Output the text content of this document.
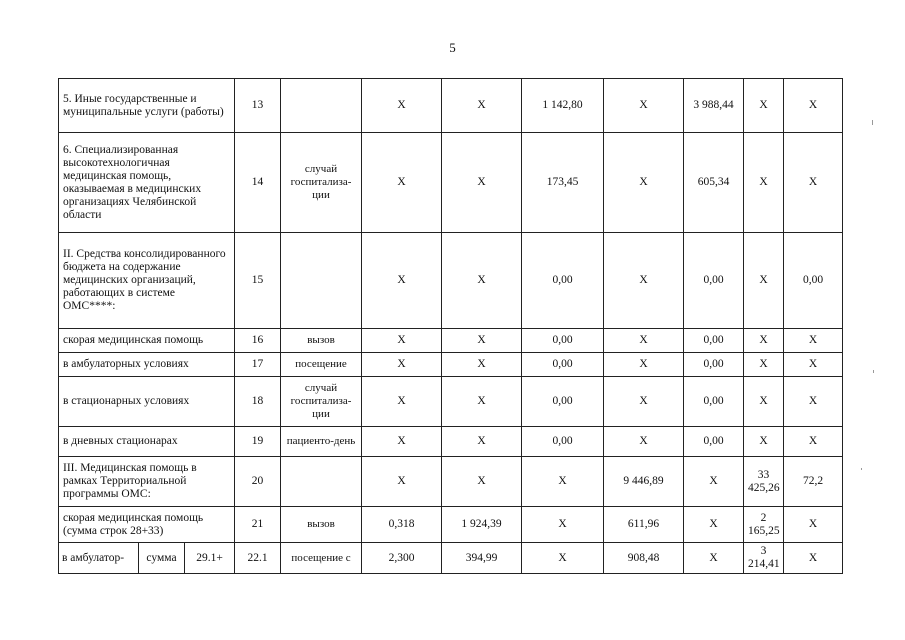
5
5. Иные государственные и муниципальные услуги (работы)			13		X	X	1 142,80	X	3 988,44	X	X
6. Специализированная высокотехнологичная медицинская помощь, оказываемая в медицинских организациях Челябинской области			14	случай госпитализа-ции	X	X	173,45	X	605,34	X	X
II. Средства консолидированного бюджета на содержание медицинских организаций, работающих в системе ОМС****:			15		X	X	0,00	X	0,00	X	0,00
скорая медицинская помощь			16	вызов	X	X	0,00	X	0,00	X	X
в амбулаторных условиях			17	посещение	X	X	0,00	X	0,00	X	X
в стационарных условиях			18	случай госпитализа-ции	X	X	0,00	X	0,00	X	X
в дневных стационарах			19	пациенто-день	X	X	0,00	X	0,00	X	X
III. Медицинская помощь в рамках Территориальной программы ОМС:			20		X	X	X	9 446,89	X	33 425,26	72,2
скорая медицинская помощь (сумма строк 28+33)			21	вызов	0,318	1 924,39	X	611,96	X	2 165,25	X
в амбулатор-	сумма	29.1+	22.1	посещение с	2,300	394,99	X	908,48	X	3 214,41	X
